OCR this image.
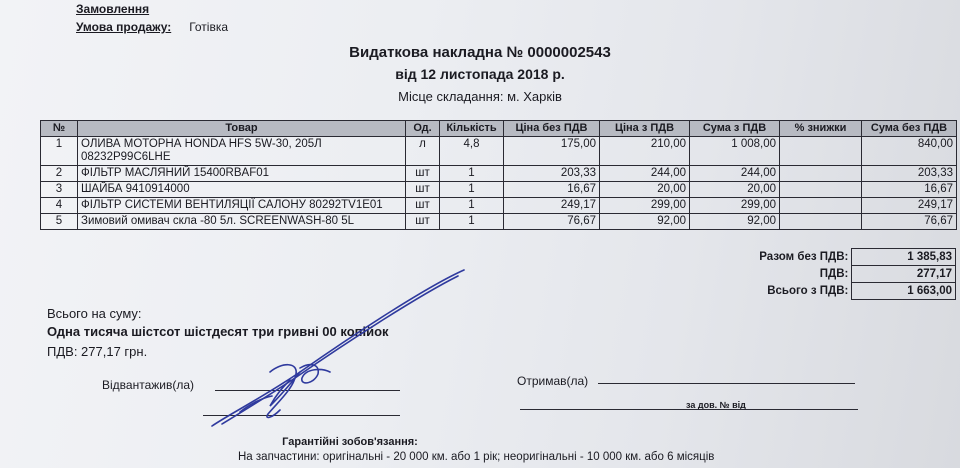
Замовлення
Умова продажу: Готівка
Видаткова накладна № 0000002543
від 12 листопада 2018 р.
Місце складання: м. Харків
№	Товар	Од.	Кількість	Ціна без ПДВ	Ціна з ПДВ	Сума з ПДВ	% знижки	Сума без ПДВ
1	ОЛИВА МОТОРНА HONDA HFS 5W-30, 205Л 08232P99C6LHE	л	4,8	175,00	210,00	1 008,00		840,00
2	ФІЛЬТР МАСЛЯНИЙ 15400RBAF01	шт	1	203,33	244,00	244,00		203,33
3	ШАЙБА 9410914000	шт	1	16,67	20,00	20,00		16,67
4	ФІЛЬТР СИСТЕМИ ВЕНТИЛЯЦІЇ САЛОНУ 80292TV1E01	шт	1	249,17	299,00	299,00		249,17
5	Зимовий омивач скла -80 5л. SCREENWASH-80 5L	шт	1	76,67	92,00	92,00		76,67
Разом без ПДВ:	1 385,83
ПДВ:	277,17
Всього з ПДВ:	1 663,00
Всього на суму:
Одна тисяча шістсот шістдесят три гривні 00 копійок
ПДВ: 277,17 грн.
Відвантажив(ла)	Отримав(ла)
за дов. № від
Гарантійні зобов'язання:
На запчастини: оригінальні - 20 000 км. або 1 рік; неоригінальні - 10 000 км. або 6 місяців
